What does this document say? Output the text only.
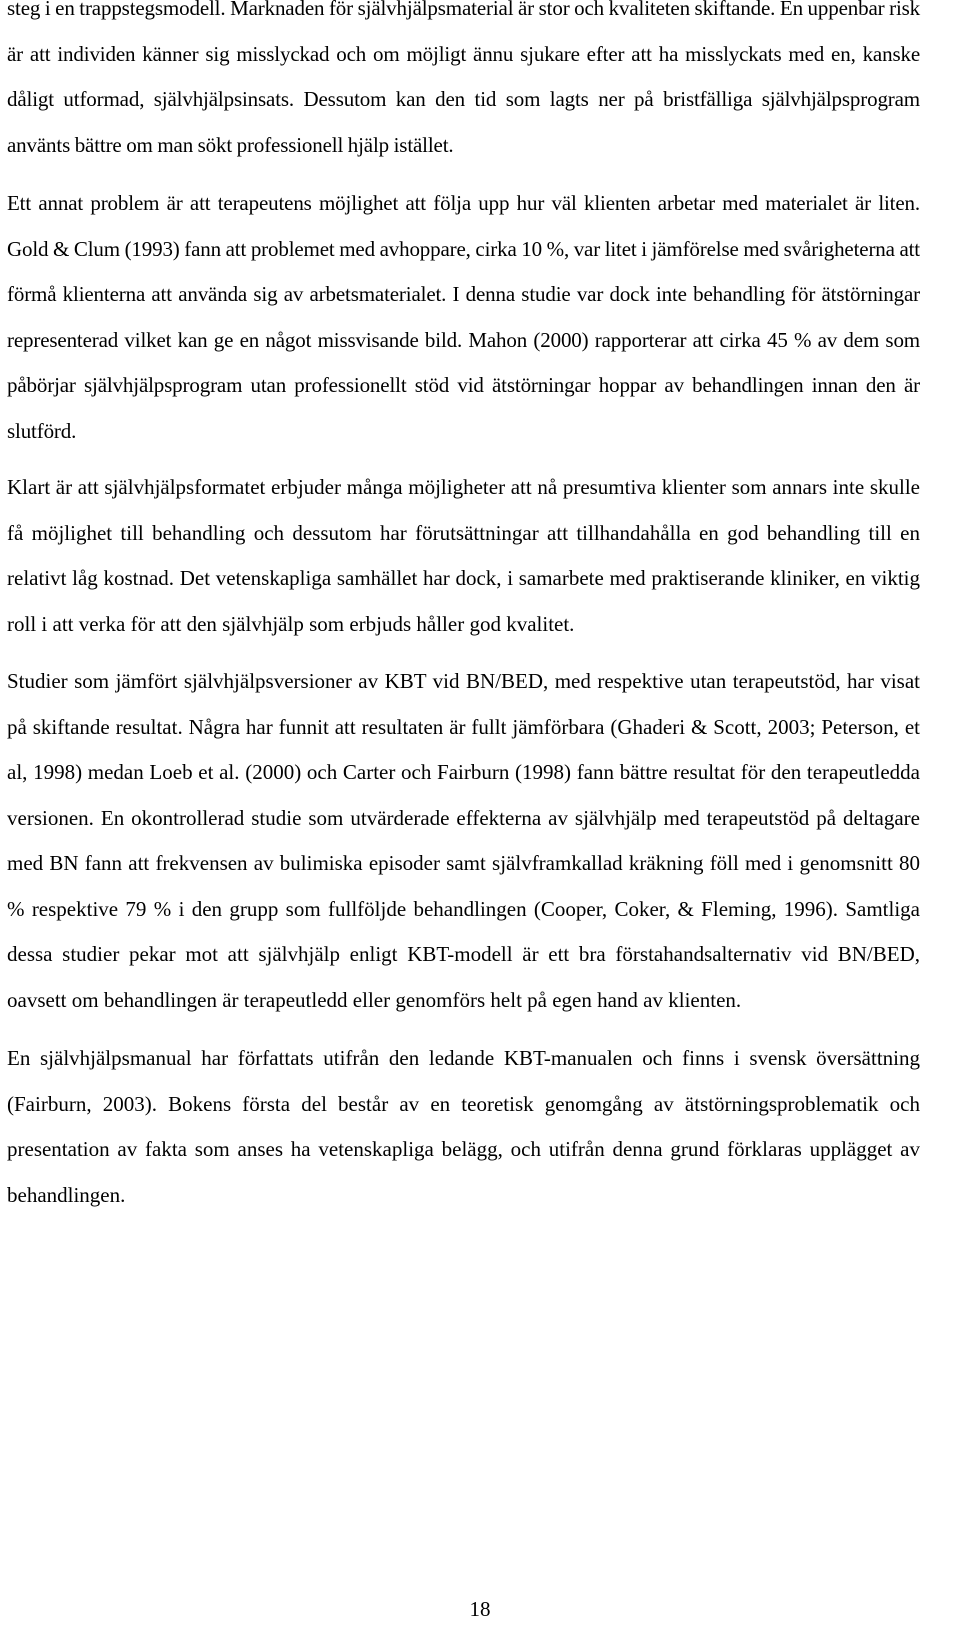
steg i en trappstegsmodell. Marknaden för självhjälpsmaterial är stor och kvaliteten skiftande. En uppenbar risk är att individen känner sig misslyckad och om möjligt ännu sjukare efter att ha misslyckats med en, kanske dåligt utformad, självhjälpsinsats. Dessutom kan den tid som lagts ner på bristfälliga självhjälpsprogram använts bättre om man sökt professionell hjälp istället.

Ett annat problem är att terapeutens möjlighet att följa upp hur väl klienten arbetar med materialet är liten. Gold & Clum (1993) fann att problemet med avhoppare, cirka 10 %, var litet i jämförelse med svårigheterna att förmå klienterna att använda sig av arbetsmaterialet. I denna studie var dock inte behandling för ätstörningar representerad vilket kan ge en något missvisande bild. Mahon (2000) rapporterar att cirka 45 % av dem som påbörjar självhjälpsprogram utan professionellt stöd vid ätstörningar hoppar av behandlingen innan den är slutförd.

Klart är att självhjälpsformatet erbjuder många möjligheter att nå presumtiva klienter som annars inte skulle få möjlighet till behandling och dessutom har förutsättningar att tillhandahålla en god behandling till en relativt låg kostnad. Det vetenskapliga samhället har dock, i samarbete med praktiserande kliniker, en viktig roll i att verka för att den självhjälp som erbjuds håller god kvalitet.

Studier som jämfört självhjälpsversioner av KBT vid BN/BED, med respektive utan terapeutstöd, har visat på skiftande resultat. Några har funnit att resultaten är fullt jämförbara (Ghaderi & Scott, 2003; Peterson, et al, 1998) medan Loeb et al. (2000) och Carter och Fairburn (1998) fann bättre resultat för den terapeutledda versionen. En okontrollerad studie som utvärderade effekterna av självhjälp med terapeutstöd på deltagare med BN fann att frekvensen av bulimiska episoder samt självframkallad kräkning föll med i genomsnitt 80 % respektive 79 % i den grupp som fullföljde behandlingen (Cooper, Coker, & Fleming, 1996). Samtliga dessa studier pekar mot att självhjälp enligt KBT-modell är ett bra förstahandsalternativ vid BN/BED, oavsett om behandlingen är terapeutledd eller genomförs helt på egen hand av klienten.

En självhjälpsmanual har författats utifrån den ledande KBT-manualen och finns i svensk översättning (Fairburn, 2003). Bokens första del består av en teoretisk genomgång av ätstörningsproblematik och presentation av fakta som anses ha vetenskapliga belägg, och utifrån denna grund förklaras upplägget av behandlingen.

18
